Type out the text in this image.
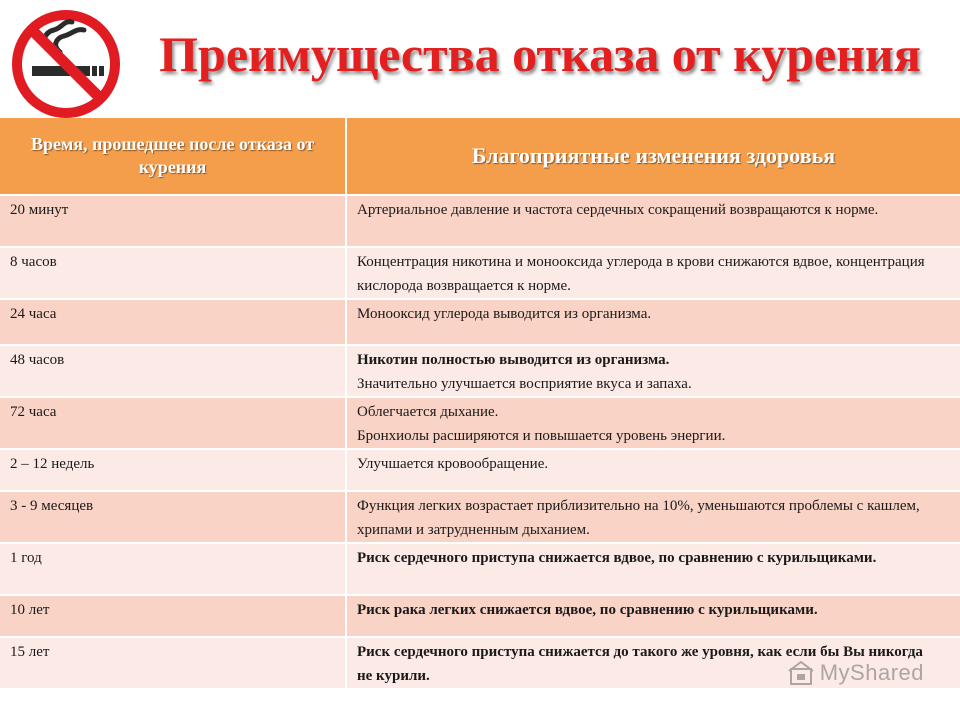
Преимущества отказа от курения
Время, прошедшее после отказа от курения	Благоприятные изменения здоровья
20 минут	Артериальное давление и частота сердечных сокращений возвращаются к норме.

8 часов	Концентрация никотина и монооксида углерода в крови снижаются вдвое, концентрация кислорода возвращается к норме.

24 часа	Монооксид углерода выводится из организма.

48 часов	Никотин полностью выводится из организма.
Значительно улучшается восприятие вкуса и запаха.

72 часа	Облегчается дыхание.
Бронхиолы расширяются и повышается уровень энергии.

2 – 12 недель	Улучшается кровообращение.

3 - 9 месяцев	Функция легких возрастает приблизительно на 10%, уменьшаются проблемы с кашлем, хрипами и затрудненным дыханием.

1 год	Риск сердечного приступа снижается вдвое, по сравнению с курильщиками.

10 лет	Риск рака легких снижается вдвое, по сравнению с курильщиками.

15 лет	Риск сердечного приступа снижается до такого же уровня, как если бы Вы никогда не курили.	MyShared
